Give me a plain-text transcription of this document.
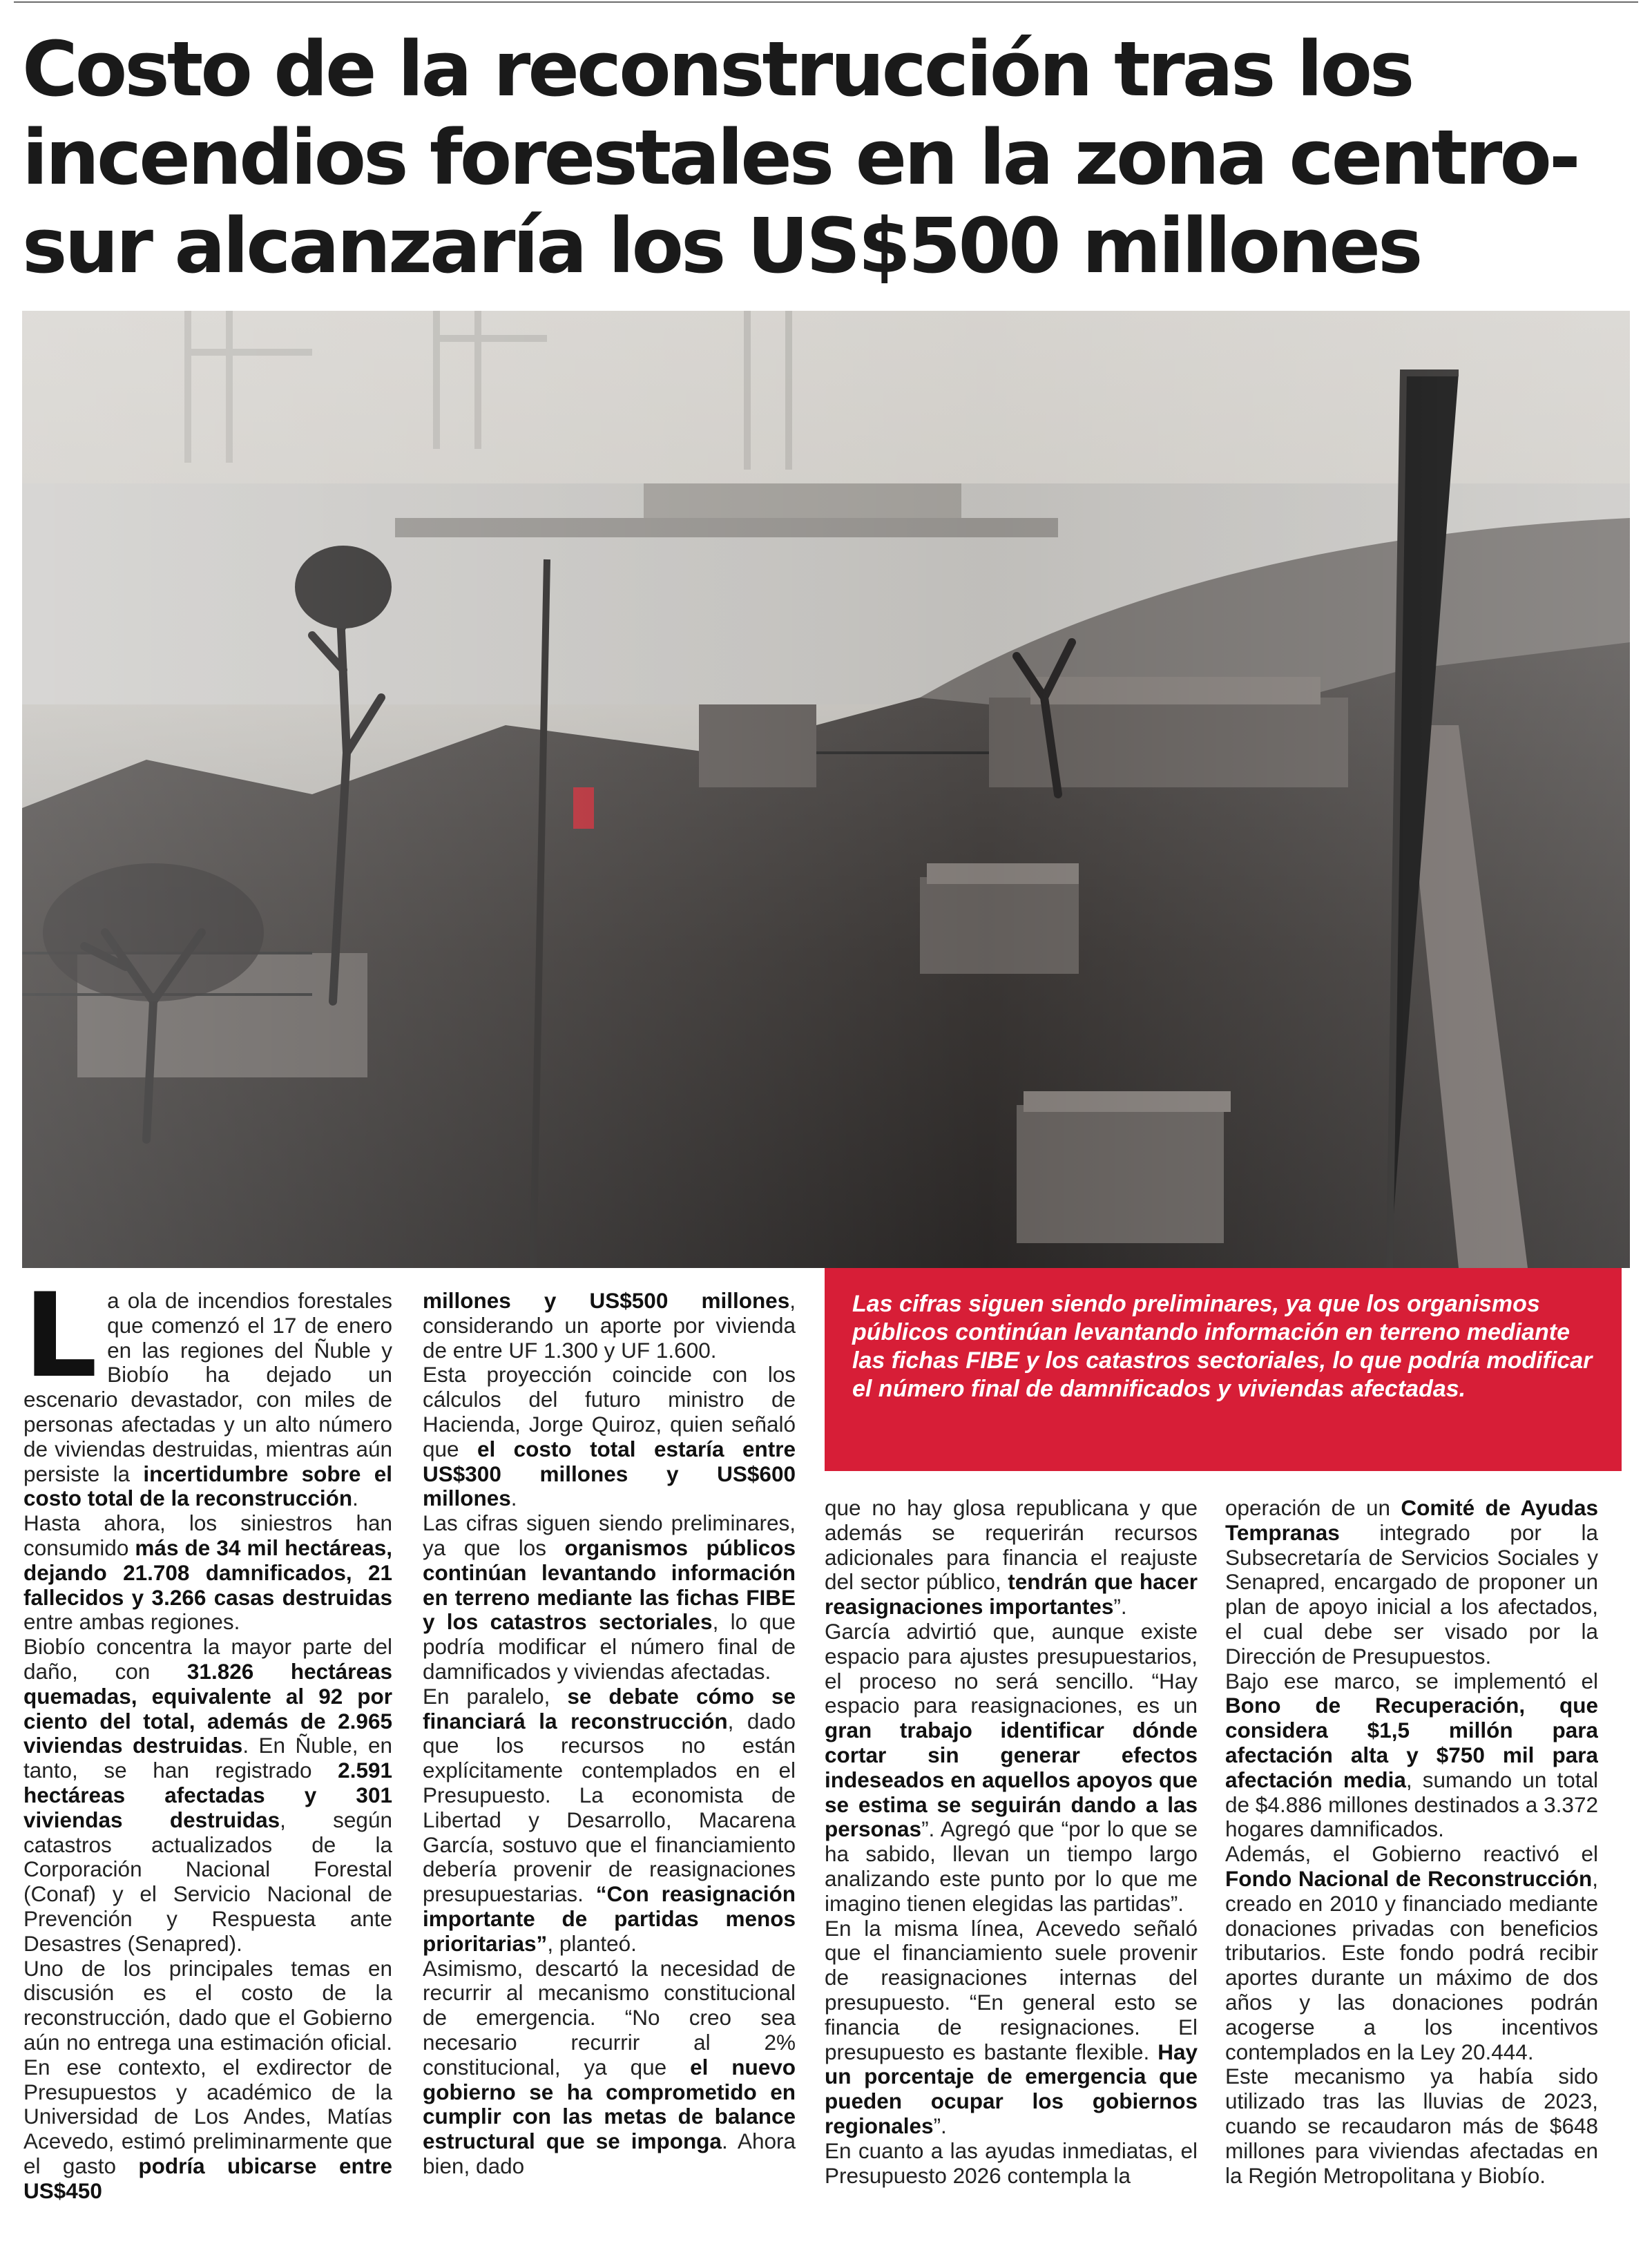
Costo de la reconstrucción tras los incendios forestales en la zona centro-sur alcanzaría los US$500 millones
Las cifras siguen siendo preliminares, ya que los organismos públicos continúan levantando información en terreno mediante las fichas FIBE y los catastros sectoriales, lo que podría modificar el número final de damnificados y viviendas afectadas.
L a ola de incendios forestales que comenzó el 17 de enero en las regiones del Ñuble y Biobío ha dejado un escenario devastador, con miles de personas afectadas y un alto número de viviendas destruidas, mientras aún persiste la incertidumbre sobre el costo total de la reconstrucción.

Hasta ahora, los siniestros han consumido más de 34 mil hectáreas, dejando 21.708 damnificados, 21 fallecidos y 3.266 casas destruidas entre ambas regiones.

Biobío concentra la mayor parte del daño, con 31.826 hectáreas quemadas, equivalente al 92 por ciento del total, además de 2.965 viviendas destruidas. En Ñuble, en tanto, se han registrado 2.591 hectáreas afectadas y 301 viviendas destruidas, según catastros actualizados de la Corporación Nacional Forestal (Conaf) y el Servicio Nacional de Prevención y Respuesta ante Desastres (Senapred).

Uno de los principales temas en discusión es el costo de la reconstrucción, dado que el Gobierno aún no entrega una estimación oficial. En ese contexto, el exdirector de Presupuestos y académico de la Universidad de Los Andes, Matías Acevedo, estimó preliminarmente que el gasto podría ubicarse entre US$450

millones y US$500 millones, considerando un aporte por vivienda de entre UF 1.300 y UF 1.600.

Esta proyección coincide con los cálculos del futuro ministro de Hacienda, Jorge Quiroz, quien señaló que el costo total estaría entre US$300 millones y US$600 millones.

Las cifras siguen siendo preliminares, ya que los organismos públicos continúan levantando información en terreno mediante las fichas FIBE y los catastros sectoriales, lo que podría modificar el número final de damnificados y viviendas afectadas.

En paralelo, se debate cómo se financiará la reconstrucción, dado que los recursos no están explícitamente contemplados en el Presupuesto. La economista de Libertad y Desarrollo, Macarena García, sostuvo que el financiamiento debería provenir de reasignaciones presupuestarias. “Con reasignación importante de partidas menos prioritarias”, planteó.

Asimismo, descartó la necesidad de recurrir al mecanismo constitucional de emergencia. “No creo sea necesario recurrir al 2% constitucional, ya que el nuevo gobierno se ha comprometido en cumplir con las metas de balance estructural que se imponga. Ahora bien, dado

que no hay glosa republicana y que además se requerirán recursos adicionales para financia el reajuste del sector público, tendrán que hacer reasignaciones importantes”.

García advirtió que, aunque existe espacio para ajustes presupuestarios, el proceso no será sencillo. “Hay espacio para reasignaciones, es un gran trabajo identificar dónde cortar sin generar efectos indeseados en aquellos apoyos que se estima se seguirán dando a las personas”. Agregó que “por lo que se ha sabido, llevan un tiempo largo analizando este punto por lo que me imagino tienen elegidas las partidas”.

En la misma línea, Acevedo señaló que el financiamiento suele provenir de reasignaciones internas del presupuesto. “En general esto se financia de resignaciones. El presupuesto es bastante flexible. Hay un porcentaje de emergencia que pueden ocupar los gobiernos regionales”.

En cuanto a las ayudas inmediatas, el Presupuesto 2026 contempla la

operación de un Comité de Ayudas Tempranas integrado por la Subsecretaría de Servicios Sociales y Senapred, encargado de proponer un plan de apoyo inicial a los afectados, el cual debe ser visado por la Dirección de Presupuestos.

Bajo ese marco, se implementó el Bono de Recuperación, que considera $1,5 millón para afectación alta y $750 mil para afectación media, sumando un total de $4.886 millones destinados a 3.372 hogares damnificados.

Además, el Gobierno reactivó el Fondo Nacional de Reconstrucción, creado en 2010 y financiado mediante donaciones privadas con beneficios tributarios. Este fondo podrá recibir aportes durante un máximo de dos años y las donaciones podrán acogerse a los incentivos contemplados en la Ley 20.444.

Este mecanismo ya había sido utilizado tras las lluvias de 2023, cuando se recaudaron más de $648 millones para viviendas afectadas en la Región Metropolitana y Biobío.
